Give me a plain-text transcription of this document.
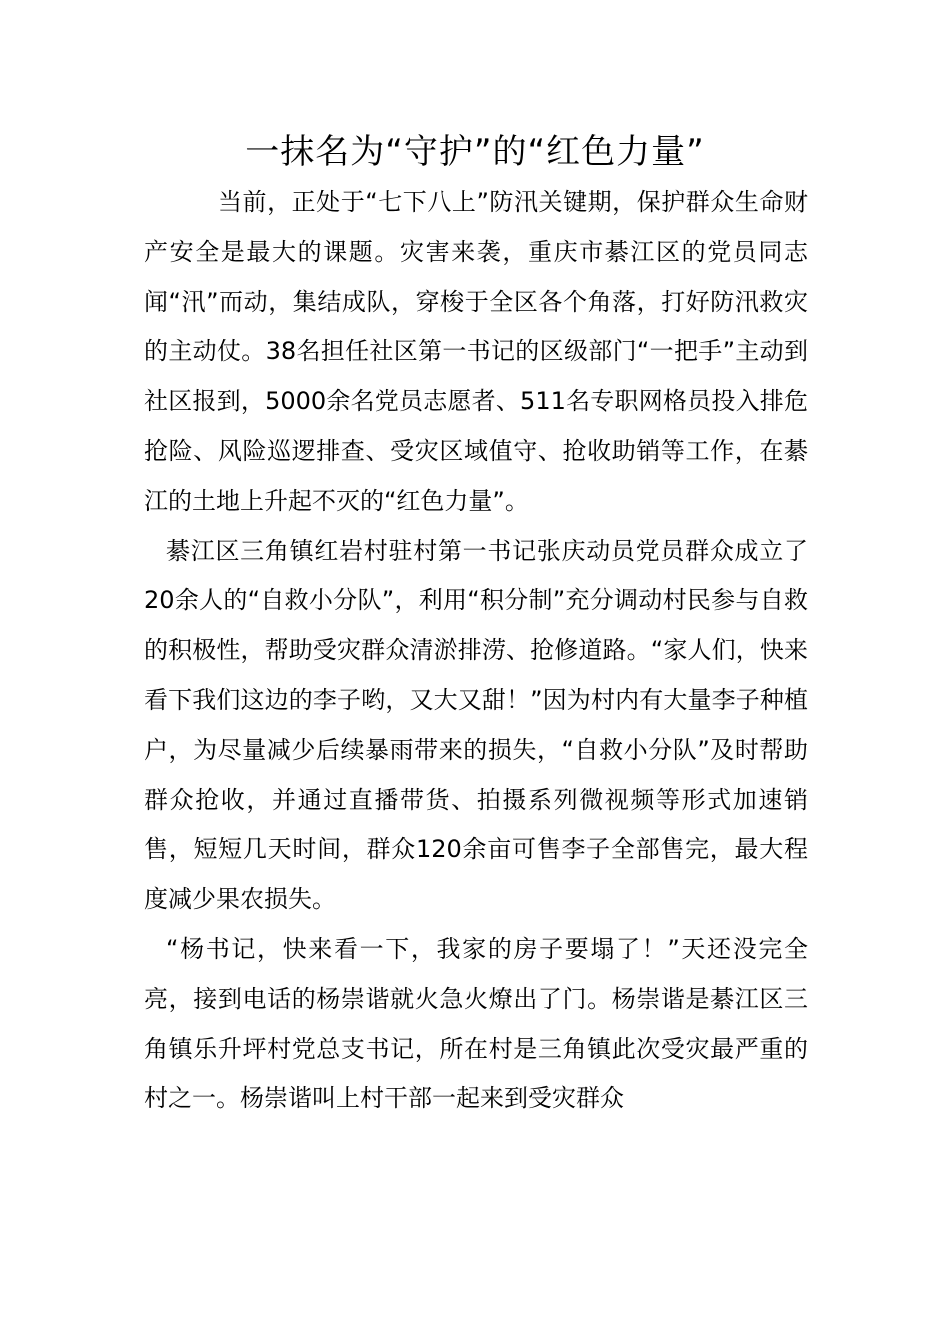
一抹名为“守护”的“红色力量”

当前，正处于“七下八上”防汛关键期，保护群众生命财产安全是最大的课题。灾害来袭，重庆市綦江区的党员同志闻“汛”而动，集结成队，穿梭于全区各个角落，打好防汛救灾的主动仗。38名担任社区第一书记的区级部门“一把手”主动到社区报到，5000余名党员志愿者、511名专职网格员投入排危抢险、风险巡逻排查、受灾区域值守、抢收助销等工作，在綦江的土地上升起不灭的“红色力量”。

綦江区三角镇红岩村驻村第一书记张庆动员党员群众成立了20余人的“自救小分队”，利用“积分制”充分调动村民参与自救的积极性，帮助受灾群众清淤排涝、抢修道路。“家人们，快来看下我们这边的李子哟，又大又甜！”因为村内有大量李子种植户，为尽量减少后续暴雨带来的损失，“自救小分队”及时帮助群众抢收，并通过直播带货、拍摄系列微视频等形式加速销售，短短几天时间，群众120余亩可售李子全部售完，最大程度减少果农损失。

“杨书记，快来看一下，我家的房子要塌了！”天还没完全亮，接到电话的杨崇谐就火急火燎出了门。杨崇谐是綦江区三角镇乐升坪村党总支书记，所在村是三角镇此次受灾最严重的村之一。杨崇谐叫上村干部一起来到受灾群众
